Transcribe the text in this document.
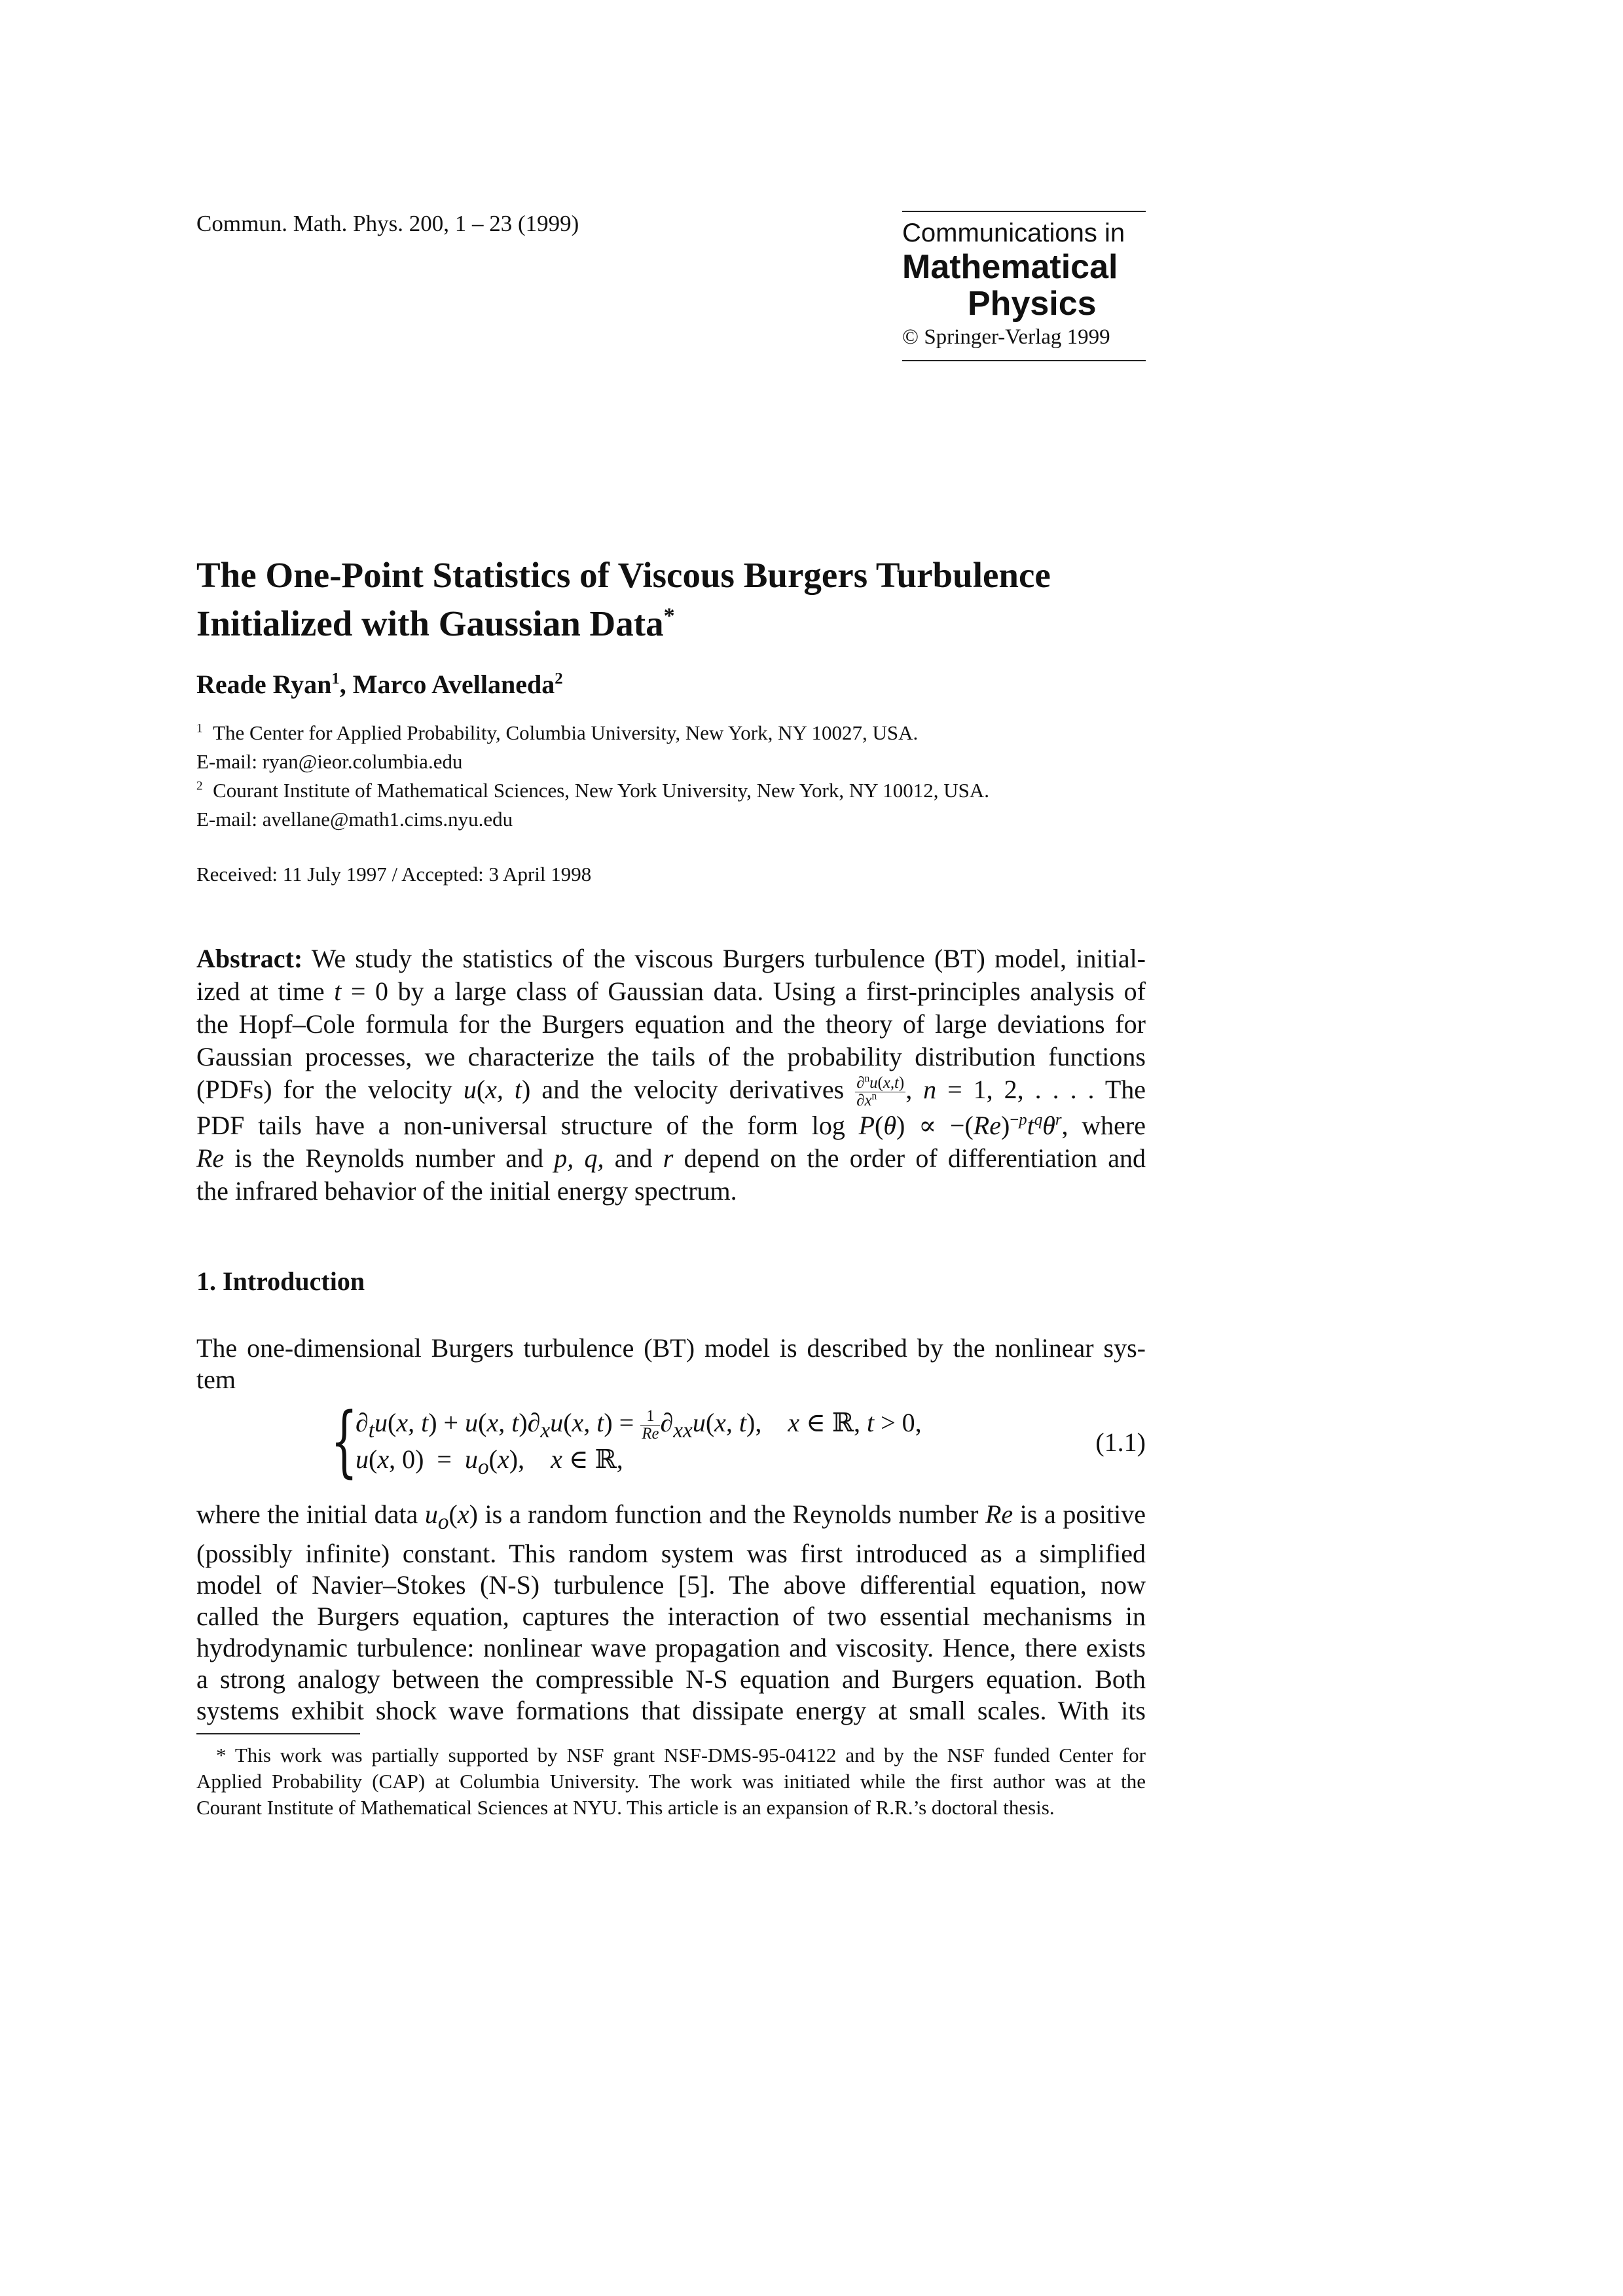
Commun. Math. Phys. 200, 1 – 23 (1999)	Communications in
Mathematical
Physics
© Springer-Verlag 1999
The One-Point Statistics of Viscous Burgers Turbulence
Initialized with Gaussian Data*
Reade Ryan$^1$, Marco Avellaneda$^2$
$^1$ The Center for Applied Probability, Columbia University, New York, NY 10027, USA.
E-mail: ryan@ieor.columbia.edu
$^2$ Courant Institute of Mathematical Sciences, New York University, New York, NY 10012, USA.
E-mail: avellane@math1.cims.nyu.edu
Received: 11 July 1997 / Accepted: 3 April 1998
Abstract: We study the statistics of the viscous Burgers turbulence (BT) model, initial-
ized at time t = 0 by a large class of Gaussian data. Using a first-principles analysis of
the Hopf–Cole formula for the Burgers equation and the theory of large deviations for
Gaussian processes, we characterize the tails of the probability distribution functions
(PDFs) for the velocity u(x, t) and the velocity derivatives $\frac{\partial^nu(x,t)}{\partial x^n}$ , n = 1, 2, . . . . The
PDF tails have a non-universal structure of the form $\log P(\theta) \propto -(Re)^{-p}t^q\theta^r$, where
Re is the Reynolds number and p, q, and r depend on the order of differentiation and
the infrared behavior of the initial energy spectrum.
1. Introduction
The one-dimensional Burgers turbulence (BT) model is described by the nonlinear sys-
tem
{
$\partial_tu(x$, t) + u(x, $t)\partial_xu(x$, $t) = \frac{1}{Re} \partial_{xx}u(x$, t),    x ∈ ℝ, t > 0,
u(x, $0) = u_o(x)$,    x ∈ ℝ,
(1.1)
where the initial data $u_o(x)$ is a random function and the Reynolds number Re is a positive
(possibly infinite) constant. This random system was first introduced as a simplified
model of Navier–Stokes (N-S) turbulence [5]. The above differential equation, now
called the Burgers equation, captures the interaction of two essential mechanisms in
hydrodynamic turbulence: nonlinear wave propagation and viscosity. Hence, there exists
a strong analogy between the compressible N-S equation and Burgers equation. Both
systems exhibit shock wave formations that dissipate energy at small scales. With its
* This work was partially supported by NSF grant NSF-DMS-95-04122 and by the NSF funded Center for
Applied Probability (CAP) at Columbia University. The work was initiated while the first author was at the
Courant Institute of Mathematical Sciences at NYU. This article is an expansion of R.R.’s doctoral thesis.
